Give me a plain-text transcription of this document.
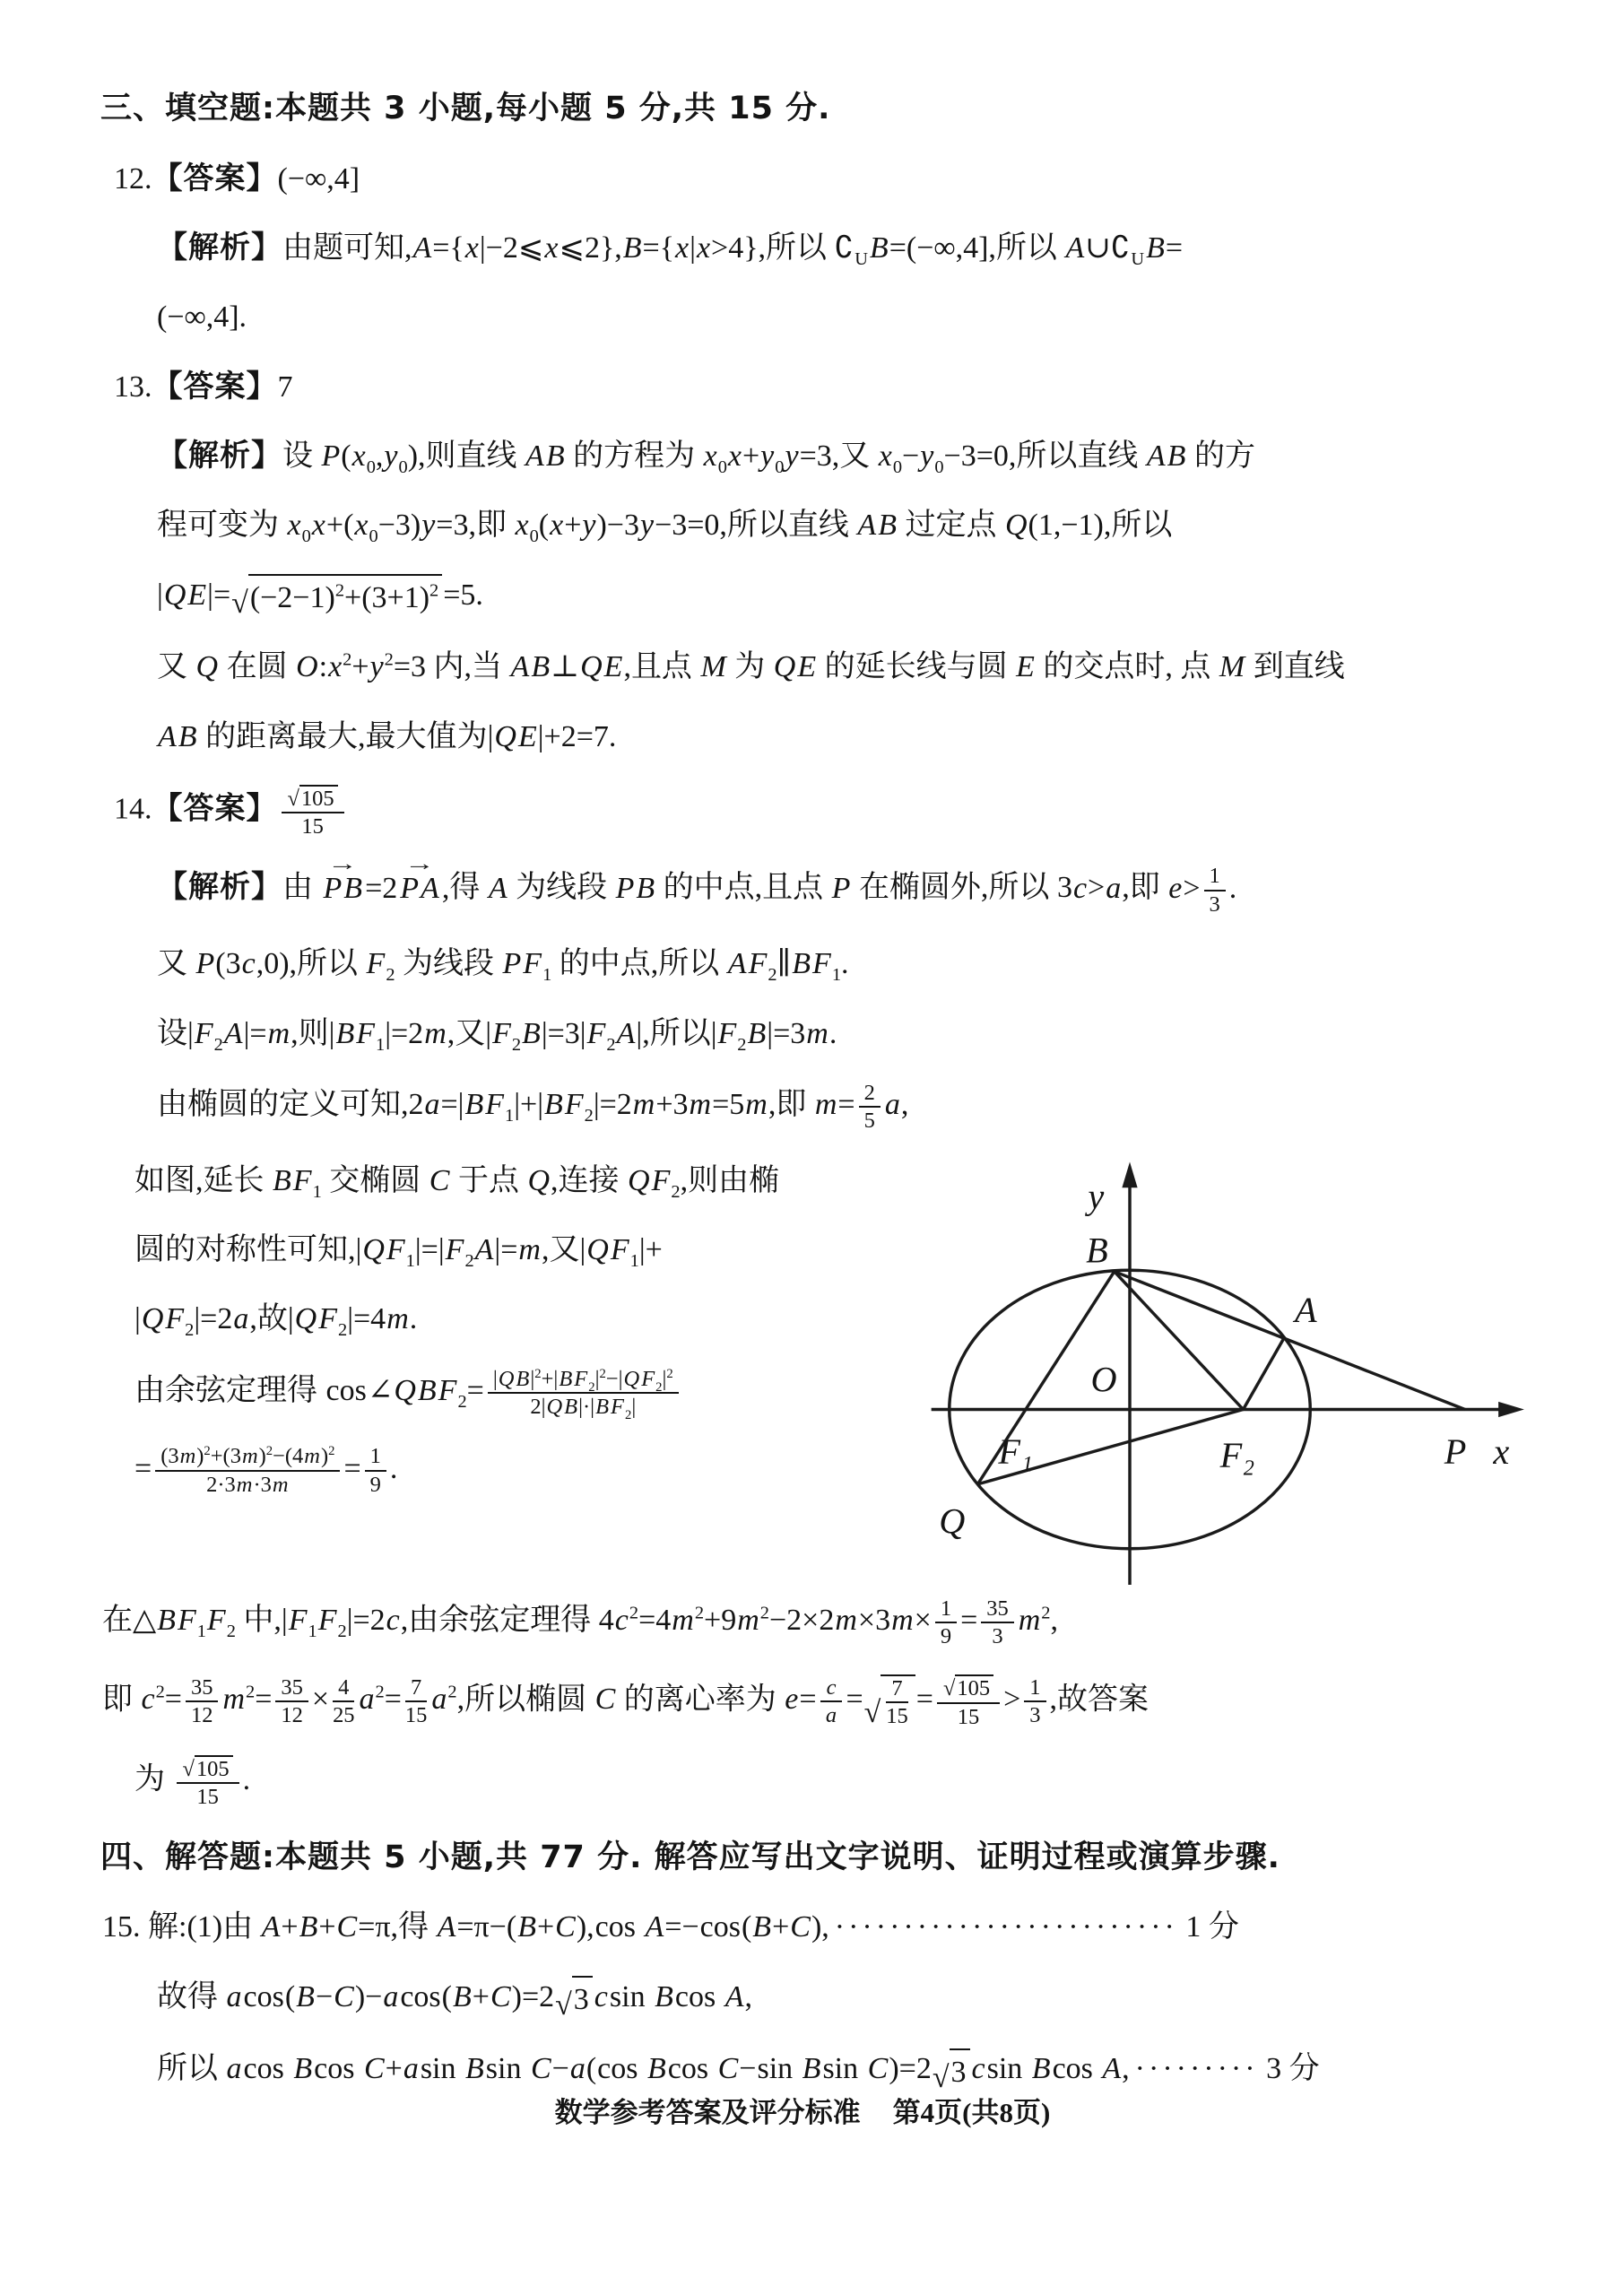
三、填空题:本题共 3 小题,每小题 5 分,共 15 分.
12.【答案】(−∞,4]
【解析】由题可知,A={x|−2⩽x⩽2},B={x|x>4},所以 $∁_UB=(-\infty,4]$,所以 $A\cup∁_UB=$
(−∞,4].
13.【答案】7
【解析】设 $P(x_0,y_0)$,则直线 AB 的方程为 $x_0x+y_0y=3$,又 $x_0-y_0-3=0$,所以直线 AB 的方
程可变为 $x_0x+(x_0-3)y=3$,即 $x_0(x+y)-3y-3=0$,所以直线 AB 过定点 Q(1,−1),所以
|QE|= √ $(-2-1)^2+(3+1)^2 =5$.
又 Q 在圆 $O:x^2+y^2=3$ 内,当 AB⊥QE,且点 M 为 QE 的延长线与圆 E 的交点时, 点 M 到直线
AB 的距离最大,最大值为|QE|+2=7.
14.【答案】 $\frac{√ 105}{15}$
【解析】由 PB →=2PA →,得 A 为线段 PB 的中点,且点 P 在椭圆外,所以 3c>a,即 $e> \frac{1}{3}$ .
又 P(3c,0),所以 $F_2$ 为线段 $PF_1$ 的中点,所以 $AF_2\parallel BF_1$.
设$|F_2A|=m$,则$|BF_1|=2m$,又$|F_2B|=3|F_2A|$,所以$|F_2B|=3m$.
由椭圆的定义可知$,2a=|BF_1|+|BF_2|=2m+3m=5m$,即 $m= \frac{2}{5} a$,
如图,延长 $BF_1$ 交椭圆 C 于点 Q,连接 $QF_2$,则由椭
圆的对称性可知$,|QF_1|=|F_2A|=m$,又$|QF_1|+$
$|QF_2|=2a$,故$|QF_2|=4m$.
由余弦定理得 $\cos\angle QBF_2= \frac{|QB|^2+|BF_2|^2-|QF_2|^2}{2|QB|\cdot|BF_2|}$
= $\frac{(3m)^2+(3m)^2-(4m)^2}{2\cdot 3m\cdot 3m} = \frac{1}{9}$ .
y
B
A
O
F₁	F₂
Q
P x
在$\triangle BF_1F_2$ 中$,|F_1F_2|=2c$,由余弦定理得 $4c^2=4m^2+9m^2-2\times 2m\times 3m\times \frac{1}{9} = \frac{35}{3} m^2$,
即 $c^2= \frac{35}{12} m^2= \frac{35}{12} \times \frac{4}{25} a^2= \frac{7}{15} a^2$,所以椭圆 C 的离心率为 $e= \frac{c}{a}$ = √ $\frac{7}{15} = \frac{√ 105}{15} > \frac{1}{3}$ ,故答案
为 $\frac{√ 105}{15}$ .
四、解答题:本题共 5 小题,共 77 分. 解答应写出文字说明、证明过程或演算步骤.
15. 解:(1)由 A+B+C=π,得 A=π−(B+C),cos A=−cos(B+C), ························· 1 分
故得 acos(B−C)−acos(B+C)=2 √ 3 csin Bcos A,
所以 acos Bcos C+asin Bsin C−a(cos Bcos C−sin Bsin C)=2 √ 3 csin Bcos A, ········· 3 分
数学参考答案及评分标准 第4页(共8页)
